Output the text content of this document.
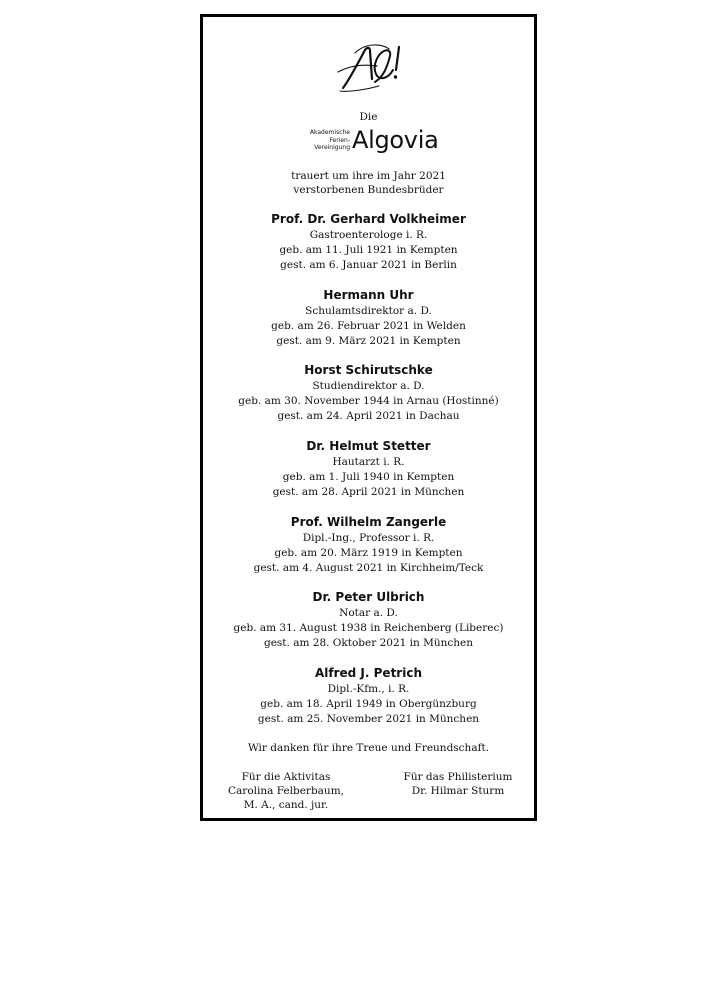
Die
Akademische
Ferien-
Vereinigung Algovia
trauert um ihre im Jahr 2021
verstorbenen Bundesbrüder
Prof. Dr. Gerhard Volkheimer
Gastroenterologe i. R.
geb. am 11. Juli 1921 in Kempten
gest. am 6. Januar 2021 in Berlin
Hermann Uhr
Schulamtsdirektor a. D.
geb. am 26. Februar 2021 in Welden
gest. am 9. März 2021 in Kempten
Horst Schirutschke
Studiendirektor a. D.
geb. am 30. November 1944 in Arnau (Hostinné)
gest. am 24. April 2021 in Dachau
Dr. Helmut Stetter
Hautarzt i. R.
geb. am 1. Juli 1940 in Kempten
gest. am 28. April 2021 in München
Prof. Wilhelm Zangerle
Dipl.-Ing., Professor i. R.
geb. am 20. März 1919 in Kempten
gest. am 4. August 2021 in Kirchheim/Teck
Dr. Peter Ulbrich
Notar a. D.
geb. am 31. August 1938 in Reichenberg (Liberec)
gest. am 28. Oktober 2021 in München
Alfred J. Petrich
Dipl.-Kfm., i. R.
geb. am 18. April 1949 in Obergünzburg
gest. am 25. November 2021 in München
Wir danken für ihre Treue und Freundschaft.
Für die Aktivitas
Carolina Felberbaum,
M. A., cand. jur.
Für das Philisterium
Dr. Hilmar Sturm
